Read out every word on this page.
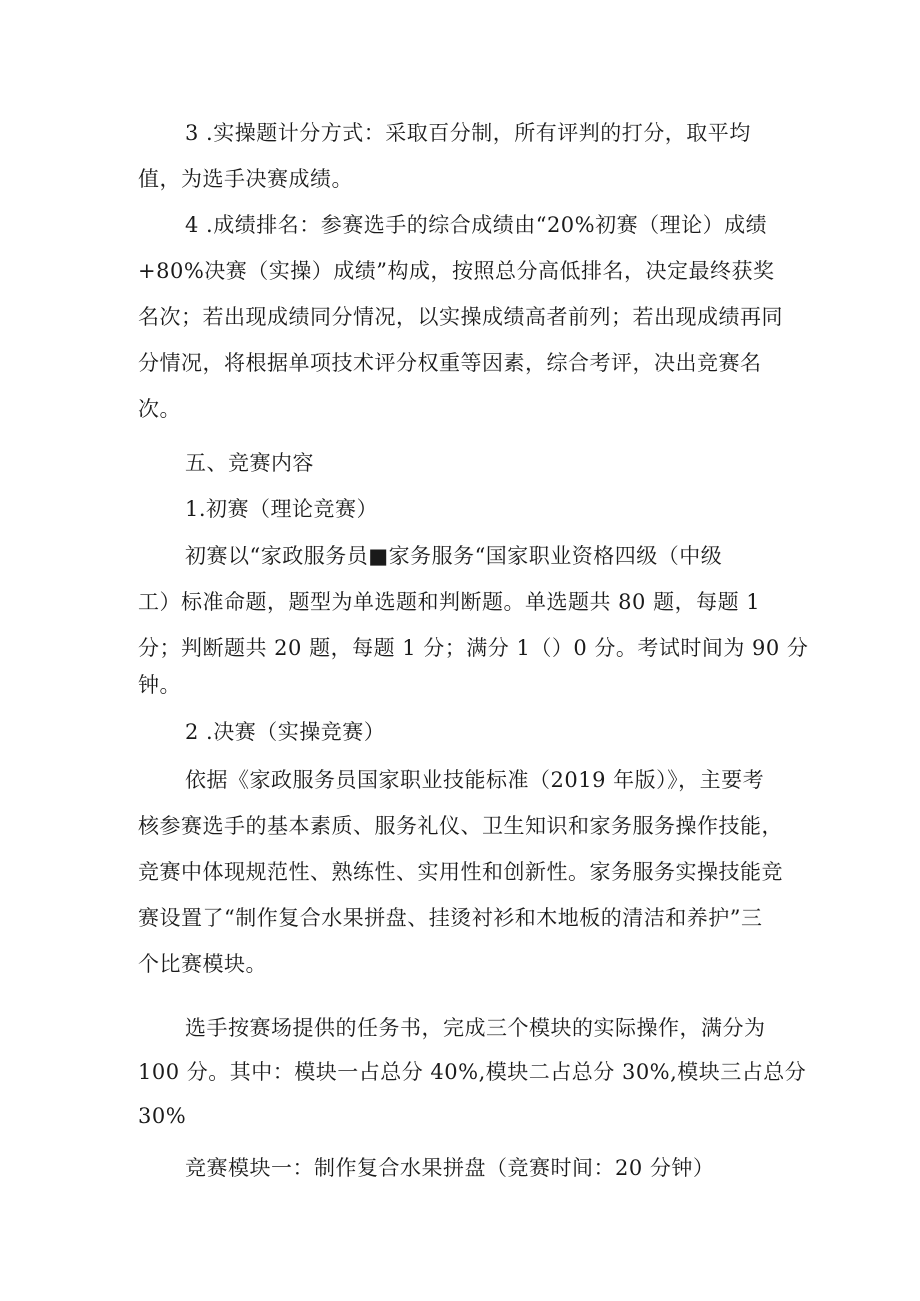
3 .实操题计分方式：采取百分制，所有评判的打分，取平均
值，为选手决赛成绩。
4 .成绩排名：参赛选手的综合成绩由“20%初赛（理论）成绩
+80%决赛（实操）成绩”构成，按照总分高低排名，决定最终获奖
名次；若出现成绩同分情况，以实操成绩高者前列；若出现成绩再同
分情况，将根据单项技术评分权重等因素，综合考评，决出竞赛名
次。
五、竞赛内容
1.初赛（理论竞赛）
初赛以“家政服务员■家务服务“国家职业资格四级（中级
工）标准命题，题型为单选题和判断题。单选题共 80 题，每题 1
分；判断题共 20 题，每题 1 分；满分 1（）0 分。考试时间为 90 分
钟。
2 .决赛（实操竞赛）
依据《家政服务员国家职业技能标准（2019 年版）》，主要考
核参赛选手的基本素质、服务礼仪、卫生知识和家务服务操作技能，
竞赛中体现规范性、熟练性、实用性和创新性。家务服务实操技能竞
赛设置了“制作复合水果拼盘、挂烫衬衫和木地板的清洁和养护”三
个比赛模块。
选手按赛场提供的任务书，完成三个模块的实际操作，满分为
100 分。其中：模块一占总分 40%,模块二占总分 30%,模块三占总分
30%
竞赛模块一：制作复合水果拼盘（竞赛时间：20 分钟）
